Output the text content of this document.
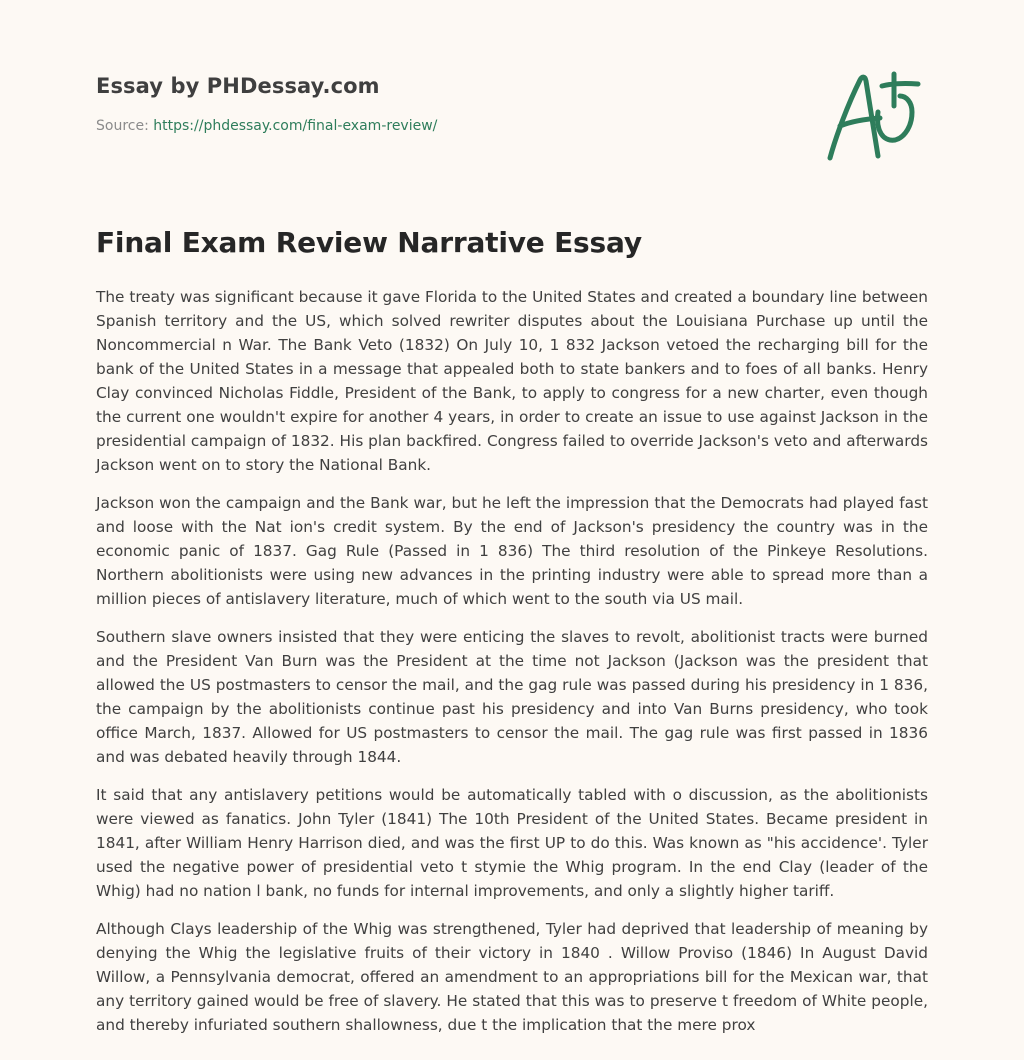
Essay by PHDessay.com
Source: https://phdessay.com/final-exam-review/
Final Exam Review Narrative Essay

The treaty was significant because it gave Florida to the United States and created a boundary line between Spanish territory and the US, which solved rewriter disputes about the Louisiana Purchase up until the Noncommercial n War. The Bank Veto (1832) On July 10, 1 832 Jackson vetoed the recharging bill for the bank of the United States in a message that appealed both to state bankers and to foes of all banks. Henry Clay convinced Nicholas Fiddle, President of the Bank, to apply to congress for a new charter, even though the current one wouldn't expire for another 4 years, in order to create an issue to use against Jackson in the presidential campaign of 1832. His plan backfired. Congress failed to override Jackson's veto and afterwards Jackson went on to story the National Bank.

Jackson won the campaign and the Bank war, but he left the impression that the Democrats had played fast and loose with the Nat ion's credit system. By the end of Jackson's presidency the country was in the economic panic of 1837. Gag Rule (Passed in 1 836) The third resolution of the Pinkeye Resolutions. Northern abolitionists were using new advances in the printing industry were able to spread more than a million pieces of antislavery literature, much of which went to the south via US mail.

Southern slave owners insisted that they were enticing the slaves to revolt, abolitionist tracts were burned and the President Van Burn was the President at the time not Jackson (Jackson was the president that allowed the US postmasters to censor the mail, and the gag rule was passed during his presidency in 1 836, the campaign by the abolitionists continue past his presidency and into Van Burns presidency, who took office March, 1837. Allowed for US postmasters to censor the mail. The gag rule was first passed in 1836 and was debated heavily through 1844.

It said that any antislavery petitions would be automatically tabled with o discussion, as the abolitionists were viewed as fanatics. John Tyler (1841) The 10th President of the United States. Became president in 1841, after William Henry Harrison died, and was the first UP to do this. Was known as "his accidence'. Tyler used the negative power of presidential veto t stymie the Whig program. In the end Clay (leader of the Whig) had no nation l bank, no funds for internal improvements, and only a slightly higher tariff.

Although Clays leadership of the Whig was strengthened, Tyler had deprived that leadership of meaning by denying the Whig the legislative fruits of their victory in 1840 . Willow Proviso (1846) In August David Willow, a Pennsylvania democrat, offered an amendment to an appropriations bill for the Mexican war, that any territory gained would be free of slavery. He stated that this was to preserve t freedom of White people, and thereby infuriated southern shallowness, due t the implication that the mere prox
